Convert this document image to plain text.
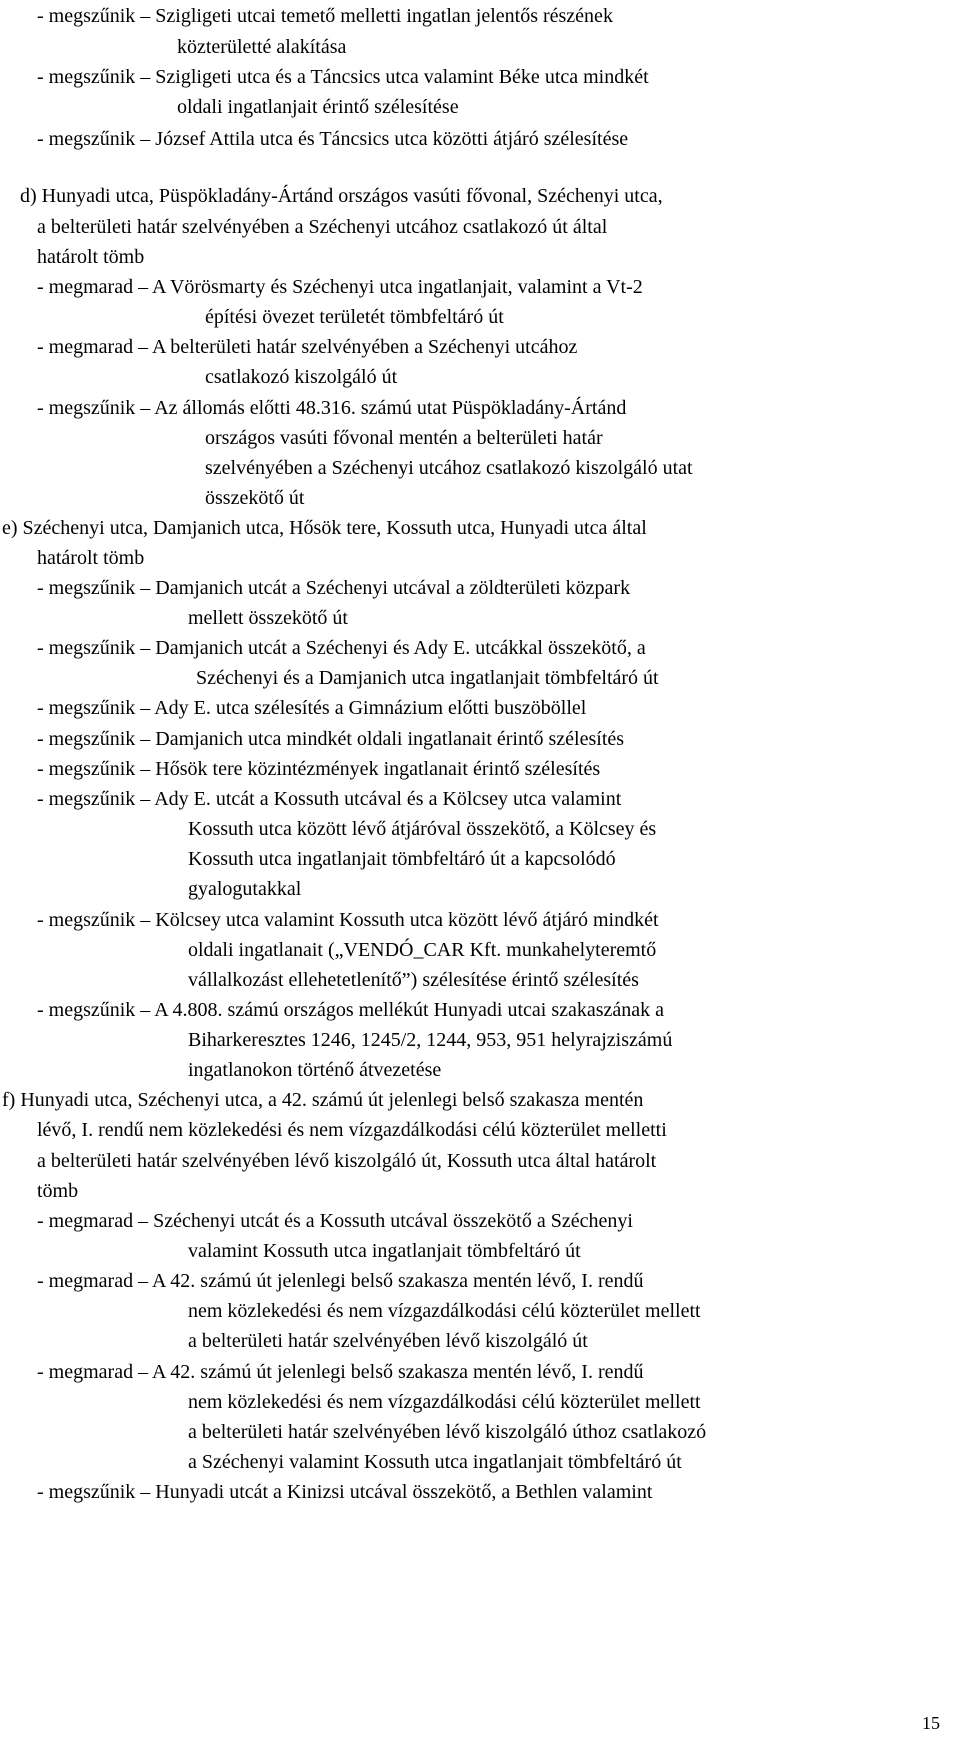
- megszűnik – Szigligeti utcai temető melletti ingatlan jelentős részének
közterületté alakítása
- megszűnik – Szigligeti utca és a Táncsics utca valamint Béke utca mindkét
oldali ingatlanjait érintő szélesítése
- megszűnik – József Attila utca és Táncsics utca közötti átjáró szélesítése
d) Hunyadi utca, Püspökladány-Ártánd országos vasúti fővonal, Széchenyi utca,
a belterületi határ szelvényében a Széchenyi utcához csatlakozó út által
határolt tömb
- megmarad – A Vörösmarty és Széchenyi utca ingatlanjait, valamint a Vt-2
építési övezet területét tömbfeltáró út
- megmarad – A belterületi határ szelvényében a Széchenyi utcához
csatlakozó kiszolgáló út
- megszűnik – Az állomás előtti 48.316. számú utat Püspökladány-Ártánd
országos vasúti fővonal mentén a belterületi határ
szelvényében a Széchenyi utcához csatlakozó kiszolgáló utat
összekötő út
e) Széchenyi utca, Damjanich utca, Hősök tere, Kossuth utca, Hunyadi utca által
határolt tömb
- megszűnik – Damjanich utcát a Széchenyi utcával a zöldterületi közpark
mellett összekötő út
- megszűnik – Damjanich utcát a Széchenyi és Ady E. utcákkal összekötő, a
Széchenyi és a Damjanich utca ingatlanjait tömbfeltáró út
- megszűnik – Ady E. utca szélesítés a Gimnázium előtti buszöböllel
- megszűnik – Damjanich utca mindkét oldali ingatlanait érintő szélesítés
- megszűnik – Hősök tere közintézmények ingatlanait érintő szélesítés
- megszűnik – Ady E. utcát a Kossuth utcával és a Kölcsey utca valamint
Kossuth utca között lévő átjáróval összekötő, a Kölcsey és
Kossuth utca ingatlanjait tömbfeltáró út a kapcsolódó
gyalogutakkal
- megszűnik – Kölcsey utca valamint Kossuth utca között lévő átjáró mindkét
oldali ingatlanait („VENDÓ_CAR Kft. munkahelyteremtő
vállalkozást ellehetetlenítő”) szélesítése érintő szélesítés
- megszűnik – A 4.808. számú országos mellékút Hunyadi utcai szakaszának a
Biharkeresztes 1246, 1245/2, 1244, 953, 951 helyrajziszámú
ingatlanokon történő átvezetése
f) Hunyadi utca, Széchenyi utca, a 42. számú út jelenlegi belső szakasza mentén
lévő, I. rendű nem közlekedési és nem vízgazdálkodási célú közterület melletti
a belterületi határ szelvényében lévő kiszolgáló út, Kossuth utca által határolt
tömb
- megmarad – Széchenyi utcát és a Kossuth utcával összekötő a Széchenyi
valamint Kossuth utca ingatlanjait tömbfeltáró út
- megmarad – A 42. számú út jelenlegi belső szakasza mentén lévő, I. rendű
nem közlekedési és nem vízgazdálkodási célú közterület mellett
a belterületi határ szelvényében lévő kiszolgáló út
- megmarad – A 42. számú út jelenlegi belső szakasza mentén lévő, I. rendű
nem közlekedési és nem vízgazdálkodási célú közterület mellett
a belterületi határ szelvényében lévő kiszolgáló úthoz csatlakozó
a Széchenyi valamint Kossuth utca ingatlanjait tömbfeltáró út
- megszűnik – Hunyadi utcát a Kinizsi utcával összekötő, a Bethlen valamint
15
